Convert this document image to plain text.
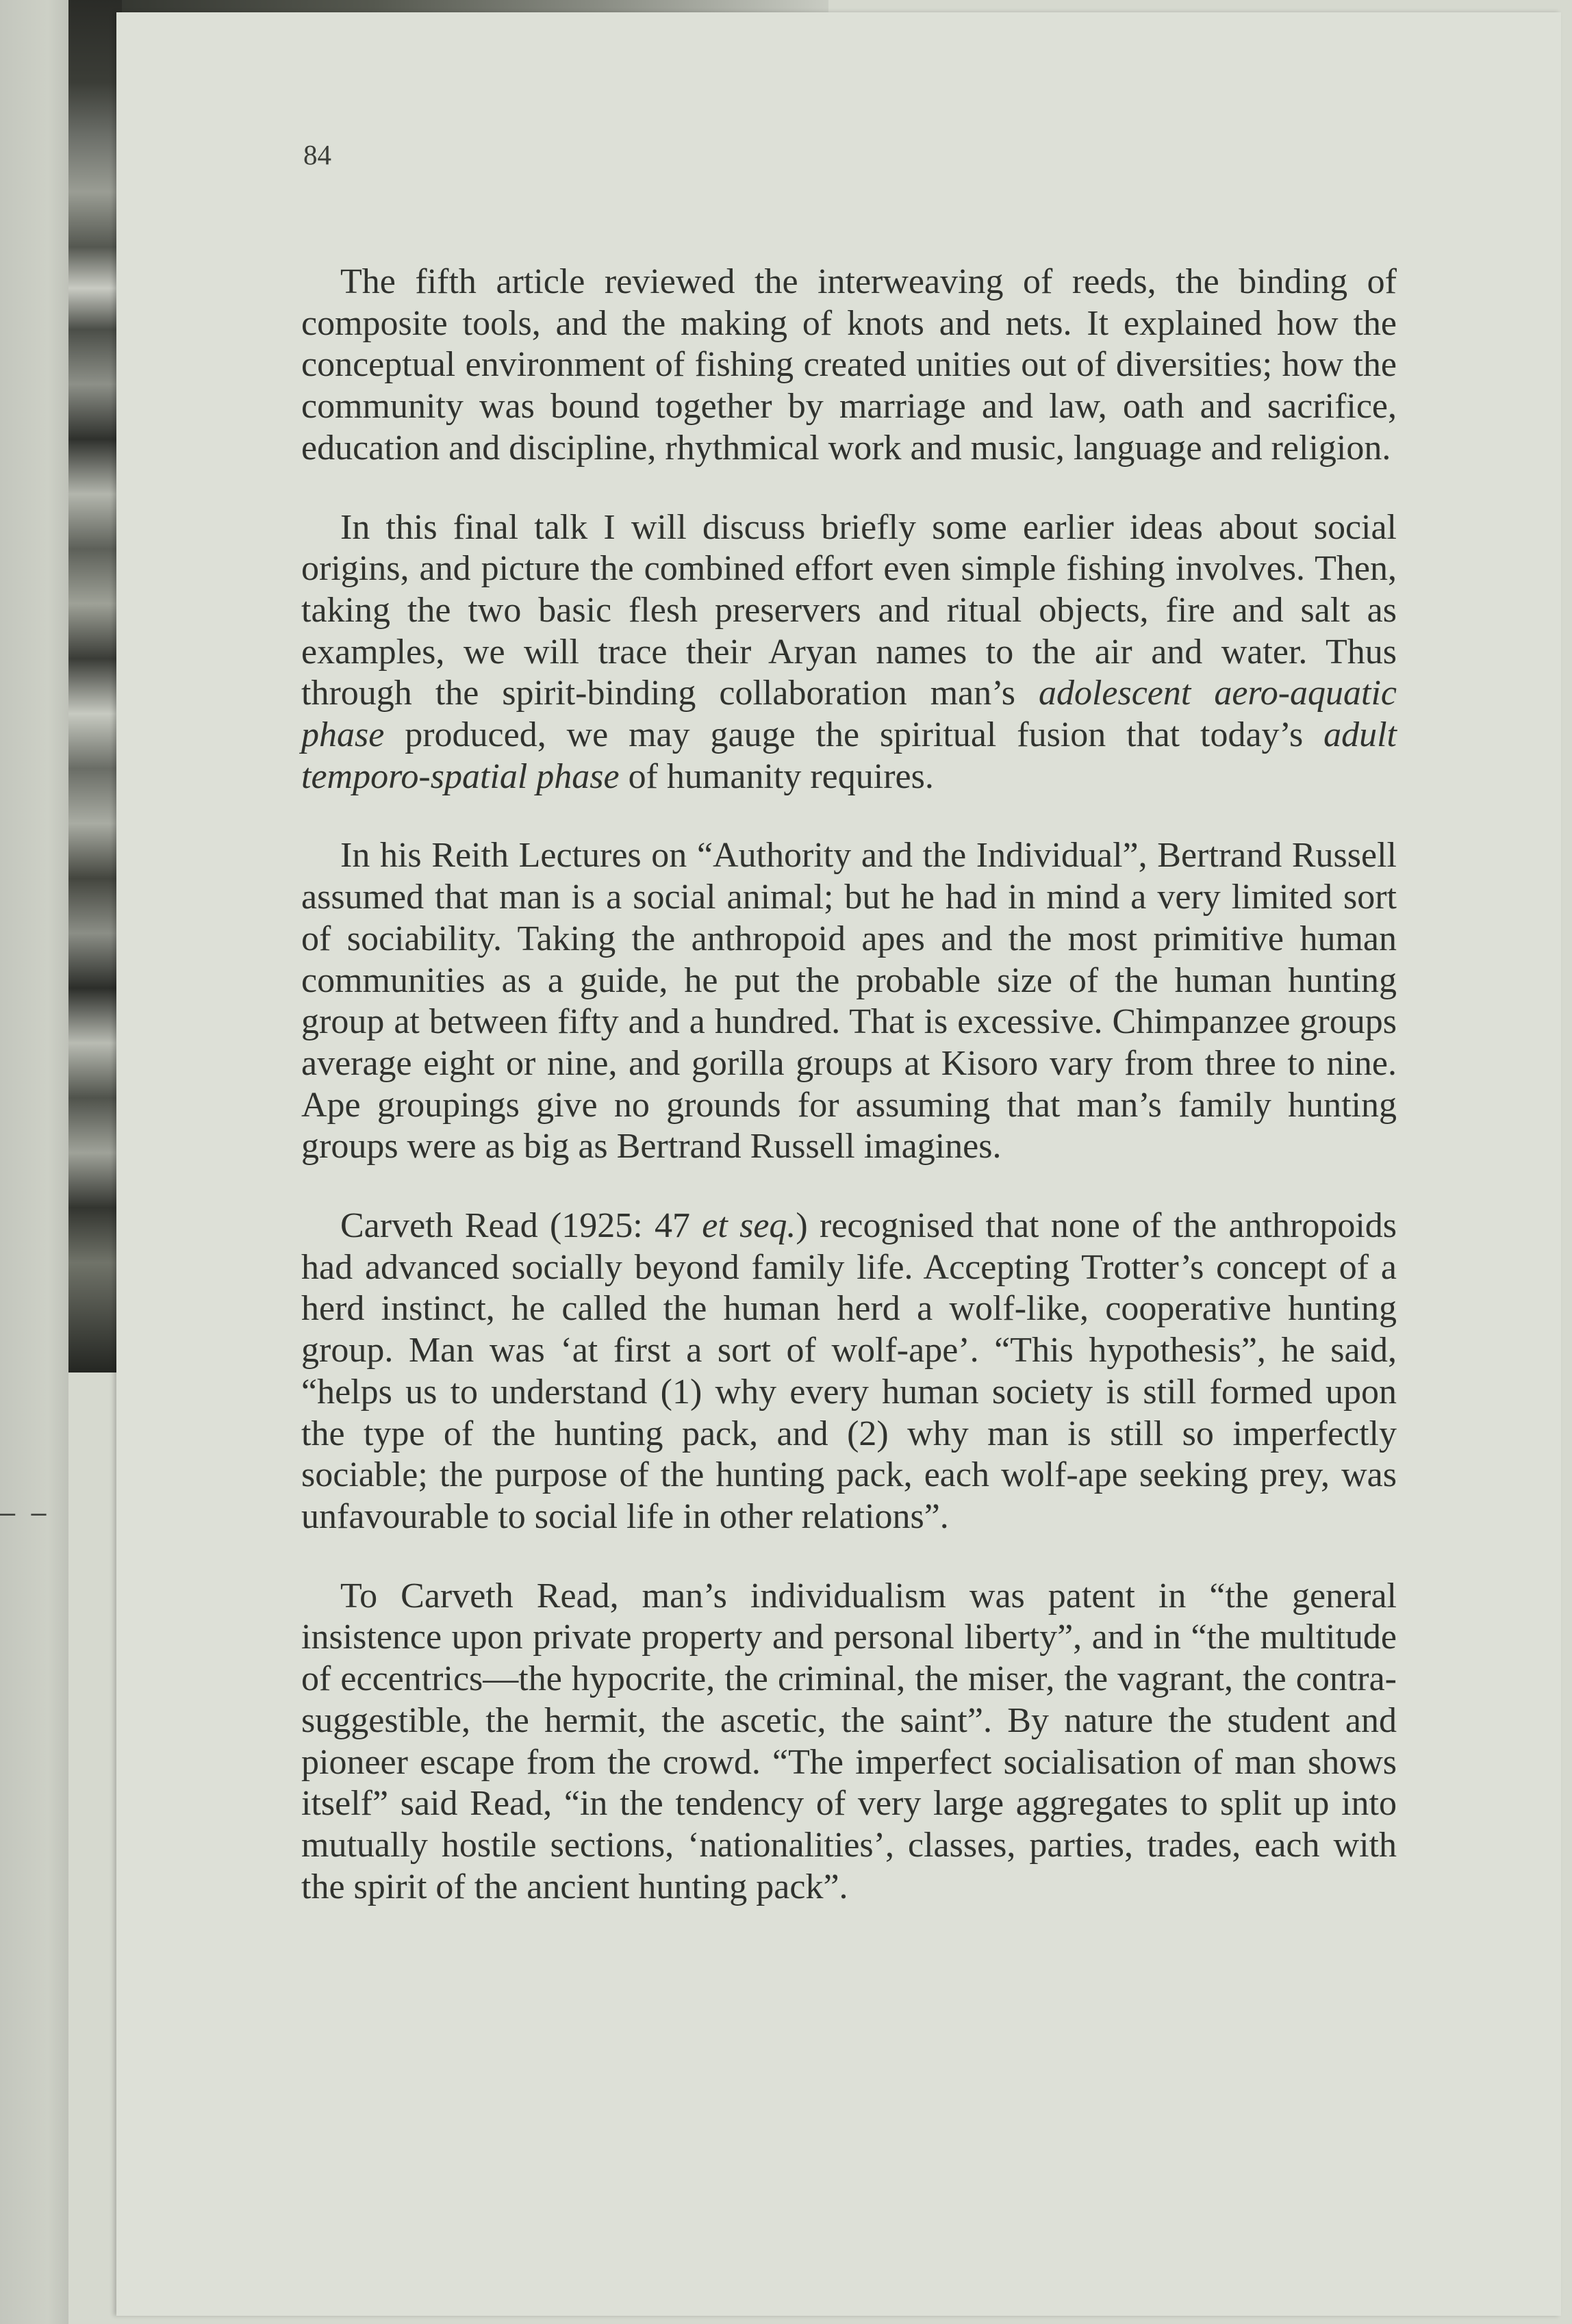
– –
84

The fifth article reviewed the interweaving of reeds, the binding of composite tools, and the making of knots and nets. It explained how the conceptual environment of fishing created unities out of diversities; how the community was bound together by marriage and law, oath and sacrifice, education and discipline, rhythmical work and music, language and religion.

In this final talk I will discuss briefly some earlier ideas about social origins, and picture the combined effort even simple fishing involves. Then, taking the two basic flesh preservers and ritual objects, fire and salt as examples, we will trace their Aryan names to the air and water. Thus through the spirit-binding collaboration man’s adolescent aero-aquatic phase produced, we may gauge the spiritual fusion that today’s adult temporo-spatial phase of humanity requires.

In his Reith Lectures on “Authority and the Individual”, Bertrand Russell assumed that man is a social animal; but he had in mind a very limited sort of sociability. Taking the anthropoid apes and the most primitive human communities as a guide, he put the probable size of the human hunting group at between fifty and a hundred. That is excessive. Chimpanzee groups average eight or nine, and gorilla groups at Kisoro vary from three to nine. Ape groupings give no grounds for assuming that man’s family hunting groups were as big as Bertrand Russell imagines.

Carveth Read (1925: 47 et seq.) recognised that none of the anthropoids had advanced socially beyond family life. Accepting Trotter’s concept of a herd instinct, he called the human herd a wolf-like, cooperative hunting group. Man was ‘at first a sort of wolf-ape’. “This hypothesis”, he said, “helps us to understand (1) why every human society is still formed upon the type of the hunting pack, and (2) why man is still so imperfectly sociable; the purpose of the hunting pack, each wolf-ape seeking prey, was unfavourable to social life in other relations”.

To Carveth Read, man’s individualism was patent in “the general insistence upon private property and personal liberty”, and in “the multitude of eccentrics—the hypocrite, the criminal, the miser, the vagrant, the contra-suggestible, the hermit, the ascetic, the saint”. By nature the student and pioneer escape from the crowd. “The imperfect socialisation of man shows itself” said Read, “in the tendency of very large aggregates to split up into mutually hostile sections, ‘nationalities’, classes, parties, trades, each with the spirit of the ancient hunting pack”.
